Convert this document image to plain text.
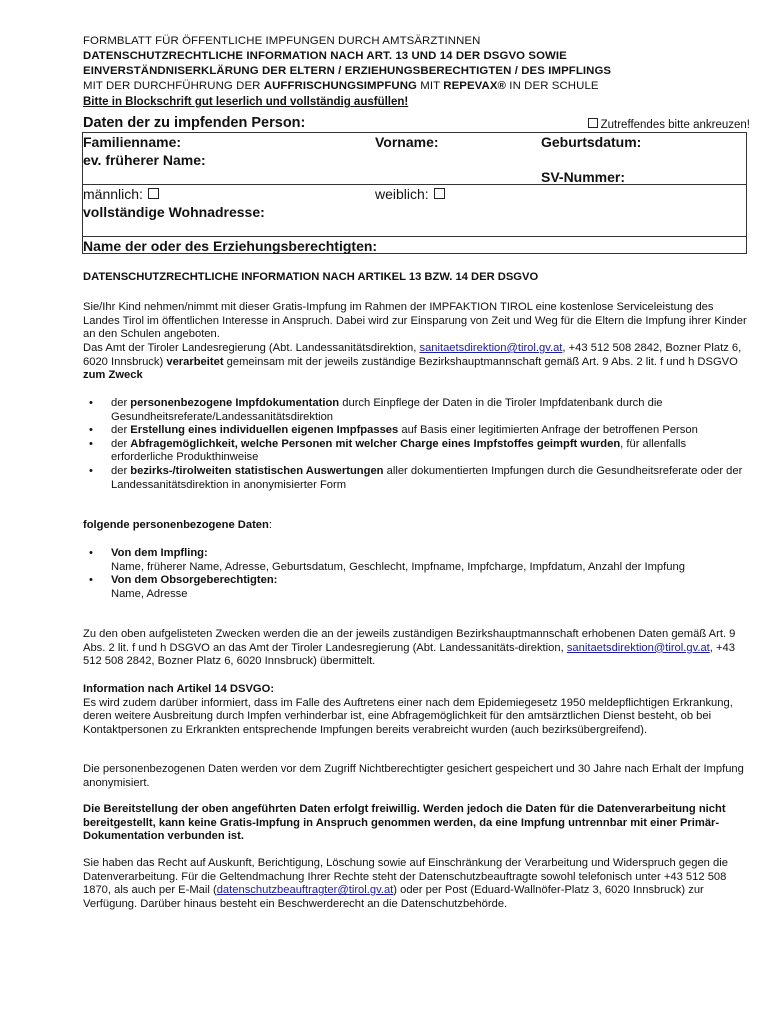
FORMBLATT FÜR ÖFFENTLICHE IMPFUNGEN DURCH AMTSÄRZTINNEN
DATENSCHUTZRECHTLICHE INFORMATION NACH ART. 13 UND 14 DER DSGVO SOWIE
EINVERSTÄNDNISERKLÄRUNG DER ELTERN / ERZIEHUNGSBERECHTIGTEN / DES IMPFLINGS
MIT DER DURCHFÜHRUNG DER AUFFRISCHUNGSIMPFUNG MIT REPEVAX® IN DER SCHULE
Bitte in Blockschrift gut leserlich und vollständig ausfüllen!
Daten der zu impfenden Person:	Zutreffendes bitte ankreuzen!
Familienname:	Vorname:	Geburtsdatum:
ev. früherer Name:
SV-Nummer:
männlich:	weiblich:
vollständige Wohnadresse:
Name der oder des Erziehungsberechtigten:
DATENSCHUTZRECHTLICHE INFORMATION NACH ARTIKEL 13 BZW. 14 DER DSGVO
Sie/Ihr Kind nehmen/nimmt mit dieser Gratis-Impfung im Rahmen der IMPFAKTION TIROL eine kostenlose Serviceleistung des Landes Tirol im öffentlichen Interesse in Anspruch. Dabei wird zur Einsparung von Zeit und Weg für die Eltern die Impfung ihrer Kinder an den Schulen angeboten.
Das Amt der Tiroler Landesregierung (Abt. Landessanitätsdirektion, sanitaetsdirektion@tirol.gv.at, +43 512 508 2842, Bozner Platz 6, 6020 Innsbruck) verarbeitet gemeinsam mit der jeweils zuständige Bezirkshauptmannschaft gemäß Art. 9 Abs. 2 lit. f und h DSGVO zum Zweck
• der personenbezogene Impfdokumentation durch Einpflege der Daten in die Tiroler Impfdatenbank durch die Gesundheitsreferate/Landessanitätsdirektion
• der Erstellung eines individuellen eigenen Impfpasses auf Basis einer legitimierten Anfrage der betroffenen Person
• der Abfragemöglichkeit, welche Personen mit welcher Charge eines Impfstoffes geimpft wurden, für allenfalls erforderliche Produkthinweise
• der bezirks-/tirolweiten statistischen Auswertungen aller dokumentierten Impfungen durch die Gesundheitsreferate oder der Landessanitätsdirektion in anonymisierter Form
folgende personenbezogene Daten:
• Von dem Impfling:
Name, früherer Name, Adresse, Geburtsdatum, Geschlecht, Impfname, Impfcharge, Impfdatum, Anzahl der Impfung
• Von dem Obsorgeberechtigten:
Name, Adresse
Zu den oben aufgelisteten Zwecken werden die an der jeweils zuständigen Bezirkshauptmannschaft erhobenen Daten gemäß Art. 9 Abs. 2 lit. f und h DSGVO an das Amt der Tiroler Landesregierung (Abt. Landessanitäts-direktion, sanitaetsdirektion@tirol.gv.at, +43 512 508 2842, Bozner Platz 6, 6020 Innsbruck) übermittelt.
Information nach Artikel 14 DSVGO:
Es wird zudem darüber informiert, dass im Falle des Auftretens einer nach dem Epidemiegesetz 1950 meldepflichtigen Erkrankung, deren weitere Ausbreitung durch Impfen verhinderbar ist, eine Abfragemöglichkeit für den amtsärztlichen Dienst besteht, ob bei Kontaktpersonen zu Erkrankten entsprechende Impfungen bereits verabreicht wurden (auch bezirksübergreifend).
Die personenbezogenen Daten werden vor dem Zugriff Nichtberechtigter gesichert gespeichert und 30 Jahre nach Erhalt der Impfung anonymisiert.
Die Bereitstellung der oben angeführten Daten erfolgt freiwillig. Werden jedoch die Daten für die Datenverarbeitung nicht bereitgestellt, kann keine Gratis-Impfung in Anspruch genommen werden, da eine Impfung untrennbar mit einer Primär-Dokumentation verbunden ist.
Sie haben das Recht auf Auskunft, Berichtigung, Löschung sowie auf Einschränkung der Verarbeitung und Widerspruch gegen die Datenverarbeitung. Für die Geltendmachung Ihrer Rechte steht der Datenschutzbeauftragte sowohl telefonisch unter +43 512 508 1870, als auch per E-Mail (datenschutzbeauftragter@tirol.gv.at) oder per Post (Eduard-Wallnöfer-Platz 3, 6020 Innsbruck) zur Verfügung. Darüber hinaus besteht ein Beschwerderecht an die Datenschutzbehörde.
